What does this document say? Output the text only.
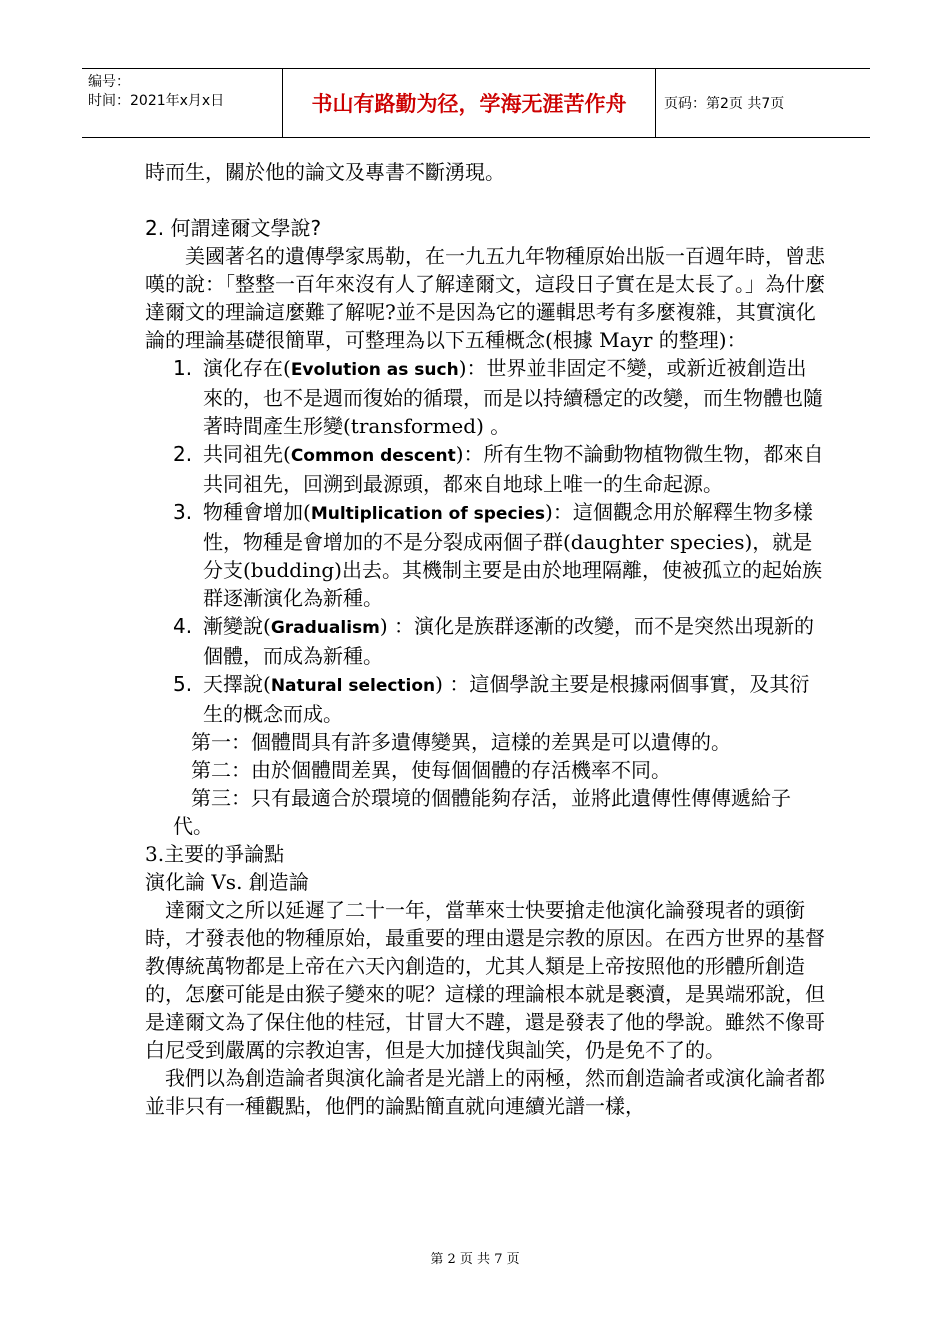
编号：
时间：2021年x月x日	书山有路勤为径，学海无涯苦作舟	页码：第2页 共7页

時而生，關於他的論文及專書不斷湧現。

2. 何謂達爾文學說?

美國著名的遺傳學家馬勒，在一九五九年物種原始出版一百週年時，曾悲嘆的說：「整整一百年來沒有人了解達爾文，這段日子實在是太長了。」為什麼達爾文的理論這麼難了解呢?並不是因為它的邏輯思考有多麼複雜，其實演化論的理論基礎很簡單，可整理為以下五種概念(根據 Mayr 的整理)：

1. 演化存在(Evolution as such)：世界並非固定不變，或新近被創造出來的，也不是週而復始的循環，而是以持續穩定的改變，而生物體也隨著時間產生形變(transformed) 。
2. 共同祖先(Common descent)：所有生物不論動物植物微生物，都來自共同祖先，回溯到最源頭，都來自地球上唯一的生命起源。
3. 物種會增加(Multiplication of species)：這個觀念用於解釋生物多樣性，物種是會增加的不是分裂成兩個子群(daughter species)，就是分支(budding)出去。其機制主要是由於地理隔離，使被孤立的起始族群逐漸演化為新種。
4. 漸變說(Gradualism) ：演化是族群逐漸的改變，而不是突然出現新的個體，而成為新種。
5. 天擇說(Natural selection) ：這個學說主要是根據兩個事實，及其衍生的概念而成。

第一：個體間具有許多遺傳變異，這樣的差異是可以遺傳的。

第二：由於個體間差異，使每個個體的存活機率不同。

第三：只有最適合於環境的個體能夠存活，並將此遺傳性傳傳遞給子代。

3.主要的爭論點

演化論 Vs. 創造論

達爾文之所以延遲了二十一年，當華來士快要搶走他演化論發現者的頭銜時，才發表他的物種原始，最重要的理由還是宗教的原因。在西方世界的基督教傳統萬物都是上帝在六天內創造的，尤其人類是上帝按照他的形體所創造的，怎麼可能是由猴子變來的呢？這樣的理論根本就是褻瀆，是異端邪說，但是達爾文為了保住他的桂冠，甘冒大不韙，還是發表了他的學說。雖然不像哥白尼受到嚴厲的宗教迫害，但是大加撻伐與訕笑，仍是免不了的。

我們以為創造論者與演化論者是光譜上的兩極，然而創造論者或演化論者都並非只有一種觀點，他們的論點簡直就向連續光譜一樣，

第 2 页 共 7 页
